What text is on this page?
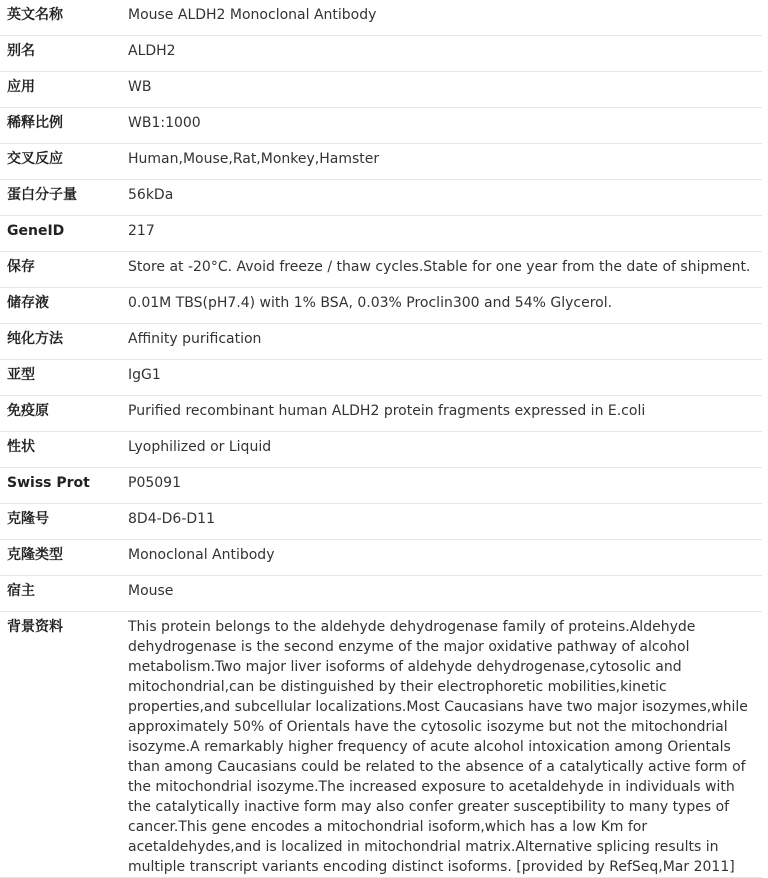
英文名称	Mouse ALDH2 Monoclonal Antibody
别名	ALDH2
应用	WB
稀释比例	WB1:1000
交叉反应	Human,Mouse,Rat,Monkey,Hamster
蛋白分子量	56kDa
GeneID	217
保存	Store at -20°C. Avoid freeze / thaw cycles.Stable for one year from the date of shipment.
储存液	0.01M TBS(pH7.4) with 1% BSA, 0.03% Proclin300 and 54% Glycerol.
纯化方法	Affinity purification
亚型	IgG1
免疫原	Purified recombinant human ALDH2 protein fragments expressed in E.coli
性状	Lyophilized or Liquid
Swiss Prot	P05091
克隆号	8D4-D6-D11
克隆类型	Monoclonal Antibody
宿主	Mouse
背景资料	This protein belongs to the aldehyde dehydrogenase family of proteins.Aldehyde dehydrogenase is the second enzyme of the major oxidative pathway of alcohol metabolism.Two major liver isoforms of aldehyde dehydrogenase,cytosolic and mitochondrial,can be distinguished by their electrophoretic mobilities,kinetic properties,and subcellular localizations.Most Caucasians have two major isozymes,while approximately 50% of Orientals have the cytosolic isozyme but not the mitochondrial isozyme.A remarkably higher frequency of acute alcohol intoxication among Orientals than among Caucasians could be related to the absence of a catalytically active form of the mitochondrial isozyme.The increased exposure to acetaldehyde in individuals with the catalytically inactive form may also confer greater susceptibility to many types of cancer.This gene encodes a mitochondrial isoform,which has a low Km for acetaldehydes,and is localized in mitochondrial matrix.Alternative splicing results in multiple transcript variants encoding distinct isoforms. [provided by RefSeq,Mar 2011]
